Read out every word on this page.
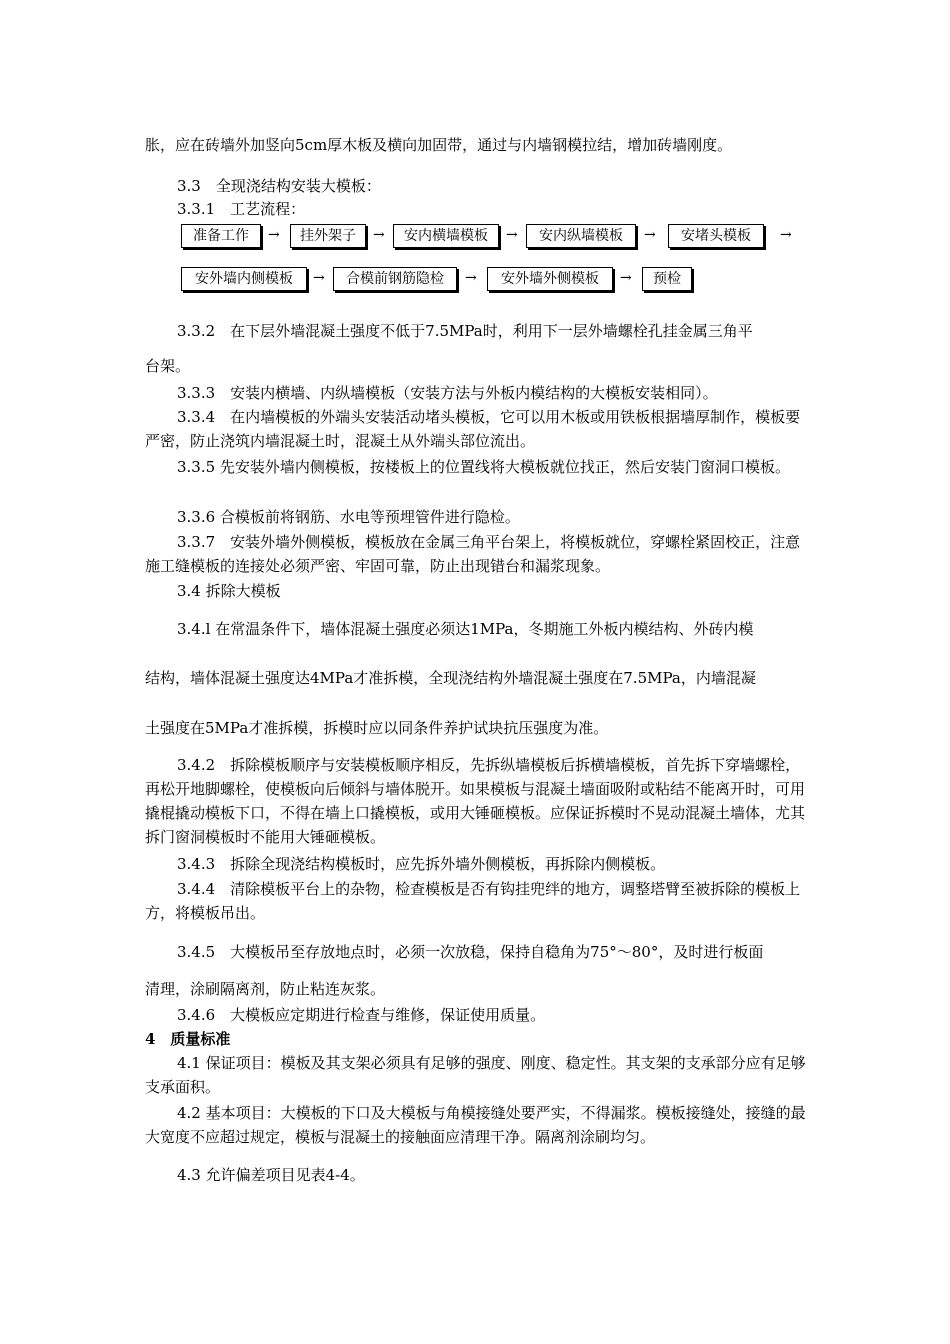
胀，应在砖墙外加竖向5cm厚木板及横向加固带，通过与内墙钢模拉结，增加砖墙刚度。

3.3　全现浇结构安装大模板：

3.3.1　工艺流程：

准备工作	→	挂外架子	→	安内横墙模板	→	安内纵墙模板	→	安堵头模板	→
安外墙内侧模板	→	合模前钢筋隐检	→	安外墙外侧模板	→	预检

3.3.2　在下层外墙混凝土强度不低于7.5MPa时，利用下一层外墙螺栓孔挂金属三角平

台架。

3.3.3　安装内横墙、内纵墙模板（安装方法与外板内模结构的大模板安装相同）。

3.3.4　在内墙模板的外端头安装活动堵头模板，它可以用木板或用铁板根据墙厚制作，模板要严密，防止浇筑内墙混凝土时，混凝土从外端头部位流出。

3.3.5 先安装外墙内侧模板，按楼板上的位置线将大模板就位找正，然后安装门窗洞口模板。

3.3.6 合模板前将钢筋、水电等预埋管件进行隐检。

3.3.7　安装外墙外侧模板，模板放在金属三角平台架上，将模板就位，穿螺栓紧固校正，注意施工缝模板的连接处必须严密、牢固可靠，防止出现错台和漏浆现象。

3.4 拆除大模板

3.4.l 在常温条件下，墙体混凝土强度必须达1MPa，冬期施工外板内模结构、外砖内模

结构，墙体混凝土强度达4MPa才准拆模，全现浇结构外墙混凝土强度在7.5MPa，内墙混凝

土强度在5MPa才准拆模，拆模时应以同条件养护试块抗压强度为准。

3.4.2　拆除模板顺序与安装模板顺序相反，先拆纵墙模板后拆横墙模板，首先拆下穿墙螺栓，再松开地脚螺栓，使模板向后倾斜与墙体脱开。如果模板与混凝土墙面吸附或粘结不能离开时，可用撬棍撬动模板下口，不得在墙上口撬模板，或用大锤砸模板。应保证拆模时不晃动混凝土墙体，尤其拆门窗洞模板时不能用大锤砸模板。

3.4.3　拆除全现浇结构模板时，应先拆外墙外侧模板，再拆除内侧模板。

3.4.4　清除模板平台上的杂物，检查模板是否有钩挂兜绊的地方，调整塔臂至被拆除的模板上方，将模板吊出。

3.4.5　大模板吊至存放地点时，必须一次放稳，保持自稳角为75°～80°，及时进行板面

清理，涂刷隔离剂，防止粘连灰浆。

3.4.6　大模板应定期进行检查与维修，保证使用质量。

4　质量标准

4.1 保证项目：模板及其支架必须具有足够的强度、刚度、稳定性。其支架的支承部分应有足够支承面积。

4.2 基本项目：大模板的下口及大模板与角模接缝处要严实，不得漏浆。模板接缝处，接缝的最大宽度不应超过规定，模板与混凝土的接触面应清理干净。隔离剂涂刷均匀。

4.3 允许偏差项目见表4-4。
